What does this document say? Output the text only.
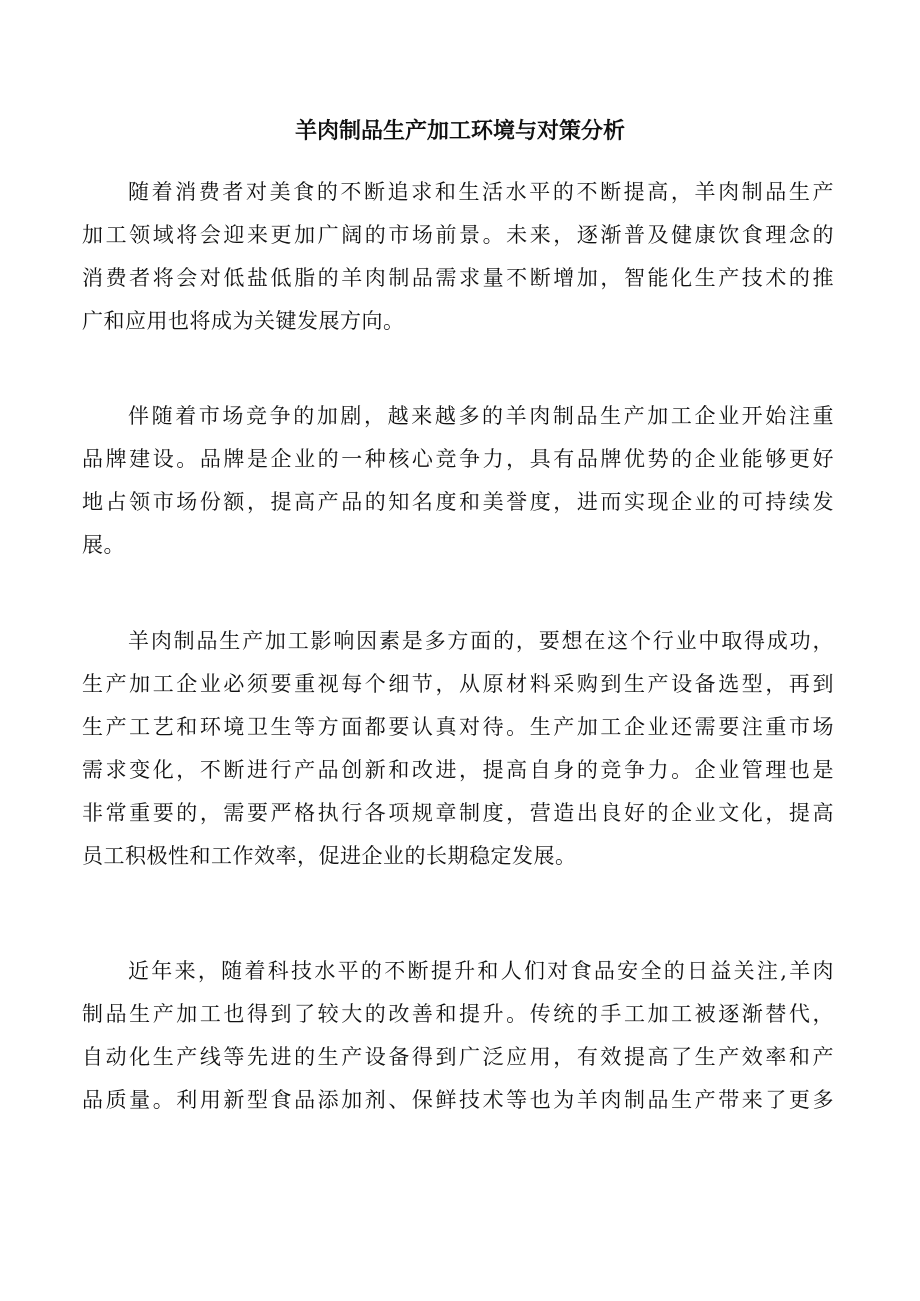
羊肉制品生产加工环境与对策分析
随着消费者对美食的不断追求和生活水平的不断提高，羊肉制品生产
加工领域将会迎来更加广阔的市场前景。未来，逐渐普及健康饮食理念的
消费者将会对低盐低脂的羊肉制品需求量不断增加，智能化生产技术的推
广和应用也将成为关键发展方向。
伴随着市场竞争的加剧，越来越多的羊肉制品生产加工企业开始注重
品牌建设。品牌是企业的一种核心竞争力，具有品牌优势的企业能够更好
地占领市场份额，提高产品的知名度和美誉度，进而实现企业的可持续发
展。
羊肉制品生产加工影响因素是多方面的，要想在这个行业中取得成功，
生产加工企业必须要重视每个细节，从原材料采购到生产设备选型，再到
生产工艺和环境卫生等方面都要认真对待。生产加工企业还需要注重市场
需求变化，不断进行产品创新和改进，提高自身的竞争力。企业管理也是
非常重要的，需要严格执行各项规章制度，营造出良好的企业文化，提高
员工积极性和工作效率，促进企业的长期稳定发展。
近年来，随着科技水平的不断提升和人们对食品安全的日益关注,羊肉
制品生产加工也得到了较大的改善和提升。传统的手工加工被逐渐替代，
自动化生产线等先进的生产设备得到广泛应用，有效提高了生产效率和产
品质量。利用新型食品添加剂、保鲜技术等也为羊肉制品生产带来了更多
